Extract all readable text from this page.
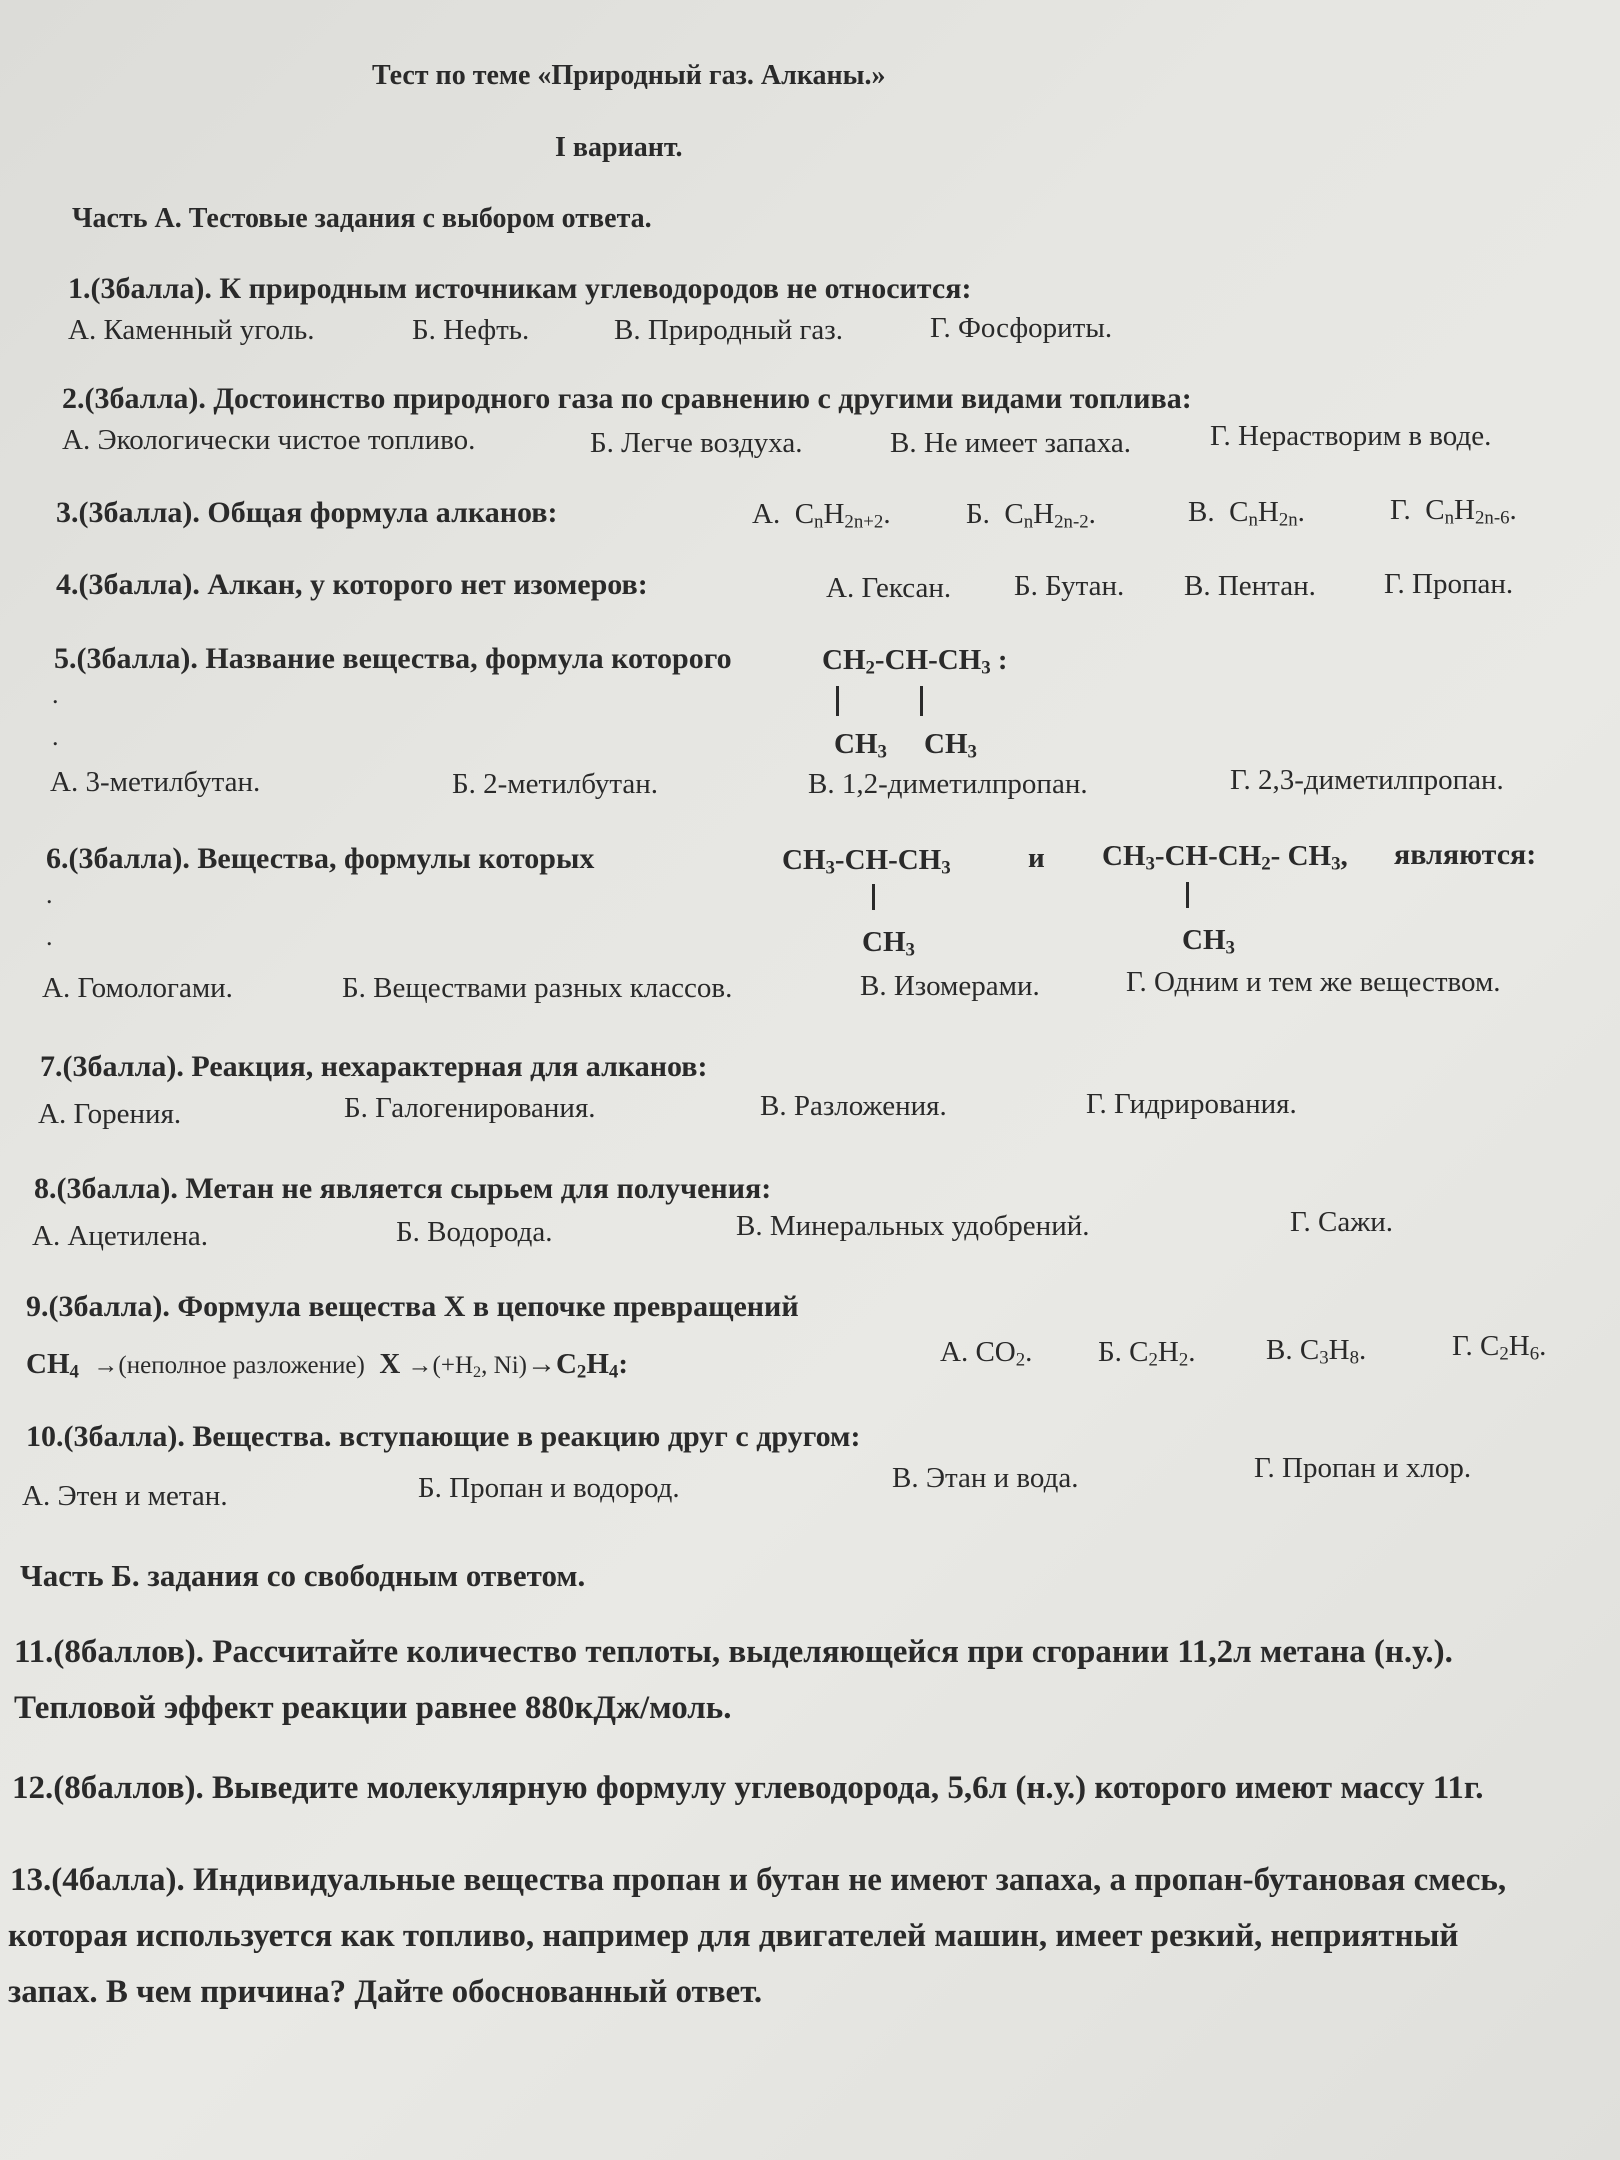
Тест по теме «Природный газ. Алканы.»
I вариант.
Часть А. Тестовые задания с выбором ответа.
1.(3балла). К природным источникам углеводородов не относится:
А. Каменный уголь.	Б. Нефть.	В. Природный газ.	Г. Фосфориты.
2.(3балла). Достоинство природного газа по сравнению с другими видами топлива:
А. Экологически чистое топливо.	Б. Легче воздуха.	В. Не имеет запаха.	Г. Нерастворим в воде.
3.(3балла). Общая формула алканов:	А.  $C_nH_{2n+2}$.	Б.  $C_nH_{2n-2}$.	В.  $C_nH_{2n}$.	Г.  $C_nH_{2n-6}$.
4.(3балла). Алкан, у которого нет изомеров:	А. Гексан. Б. Бутан. В. Пентан. Г. Пропан.
5.(3балла). Название вещества, формула которого	$CH_2-CH-CH_3$ :
$CH_3$ $CH_3$
.
.
А. 3-метилбутан.	Б. 2-метилбутан.	В. 1,2-диметилпропан.	Г. 2,3-диметилпропан.
6.(3балла). Вещества, формулы которых	$CH_3-CH-CH_3$	и $CH_3-CH-CH_2-$ $CH_3$, являются:
$CH_3$	$CH_3$
.
.
А. Гомологами.	Б. Веществами разных классов.	В. Изомерами.	Г. Одним и тем же веществом.
7.(3балла). Реакция, нехарактерная для алканов:
А. Горения.	Б. Галогенирования.	В. Разложения.	Г. Гидрирования.
8.(3балла). Метан не является сырьем для получения:
А. Ацетилена.	Б. Водорода.	В. Минеральных удобрений.	Г. Сажи.
9.(3балла). Формула вещества Х в цепочке превращений
$CH_4$ →(неполное разложение)  $Х \to(+H_2$, $Ni)\to C_2H_4$:	А. $CO_2$. Б. $C_2H_2$. В. $C_3H_8$.	Г. $C_2H_6$.
10.(3балла). Вещества. вступающие в реакцию друг с другом:
А. Этен и метан.	Б. Пропан и водород.	В. Этан и вода.	Г. Пропан и хлор.
Часть Б. задания со свободным ответом.
11.(8баллов). Рассчитайте количество теплоты, выделяющейся при сгорании 11,2л метана (н.у.).
Тепловой эффект реакции равнее 880кДж/моль.
12.(8баллов). Выведите молекулярную формулу углеводорода, 5,6л (н.у.) которого имеют массу 11г.
13.(4балла). Индивидуальные вещества пропан и бутан не имеют запаха, а пропан-бутановая смесь,
которая используется как топливо, например для двигателей машин, имеет резкий, неприятный
запах. В чем причина? Дайте обоснованный ответ.
